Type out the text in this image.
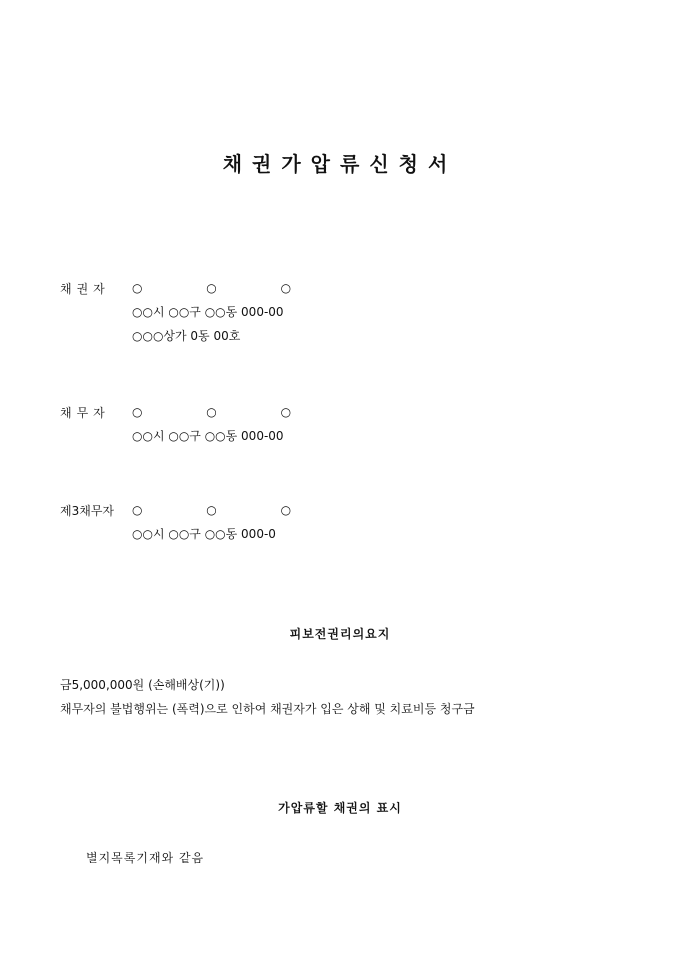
채권가압류신청서
채권자	○ ○ ○
○○시 ○○구 ○○동 000-00
○○○상가 0동 00호
채무자	○ ○ ○
○○시 ○○구 ○○동 000-00
제3채무자	○ ○ ○
○○시 ○○구 ○○동 000-0
피보전권리의요지
금5,000,000원 (손해배상(기))
채무자의 불법행위는 (폭력)으로 인하여 채권자가 입은 상해 및 치료비등 청구금
가압류할 채권의 표시
별지목록기재와 같음
